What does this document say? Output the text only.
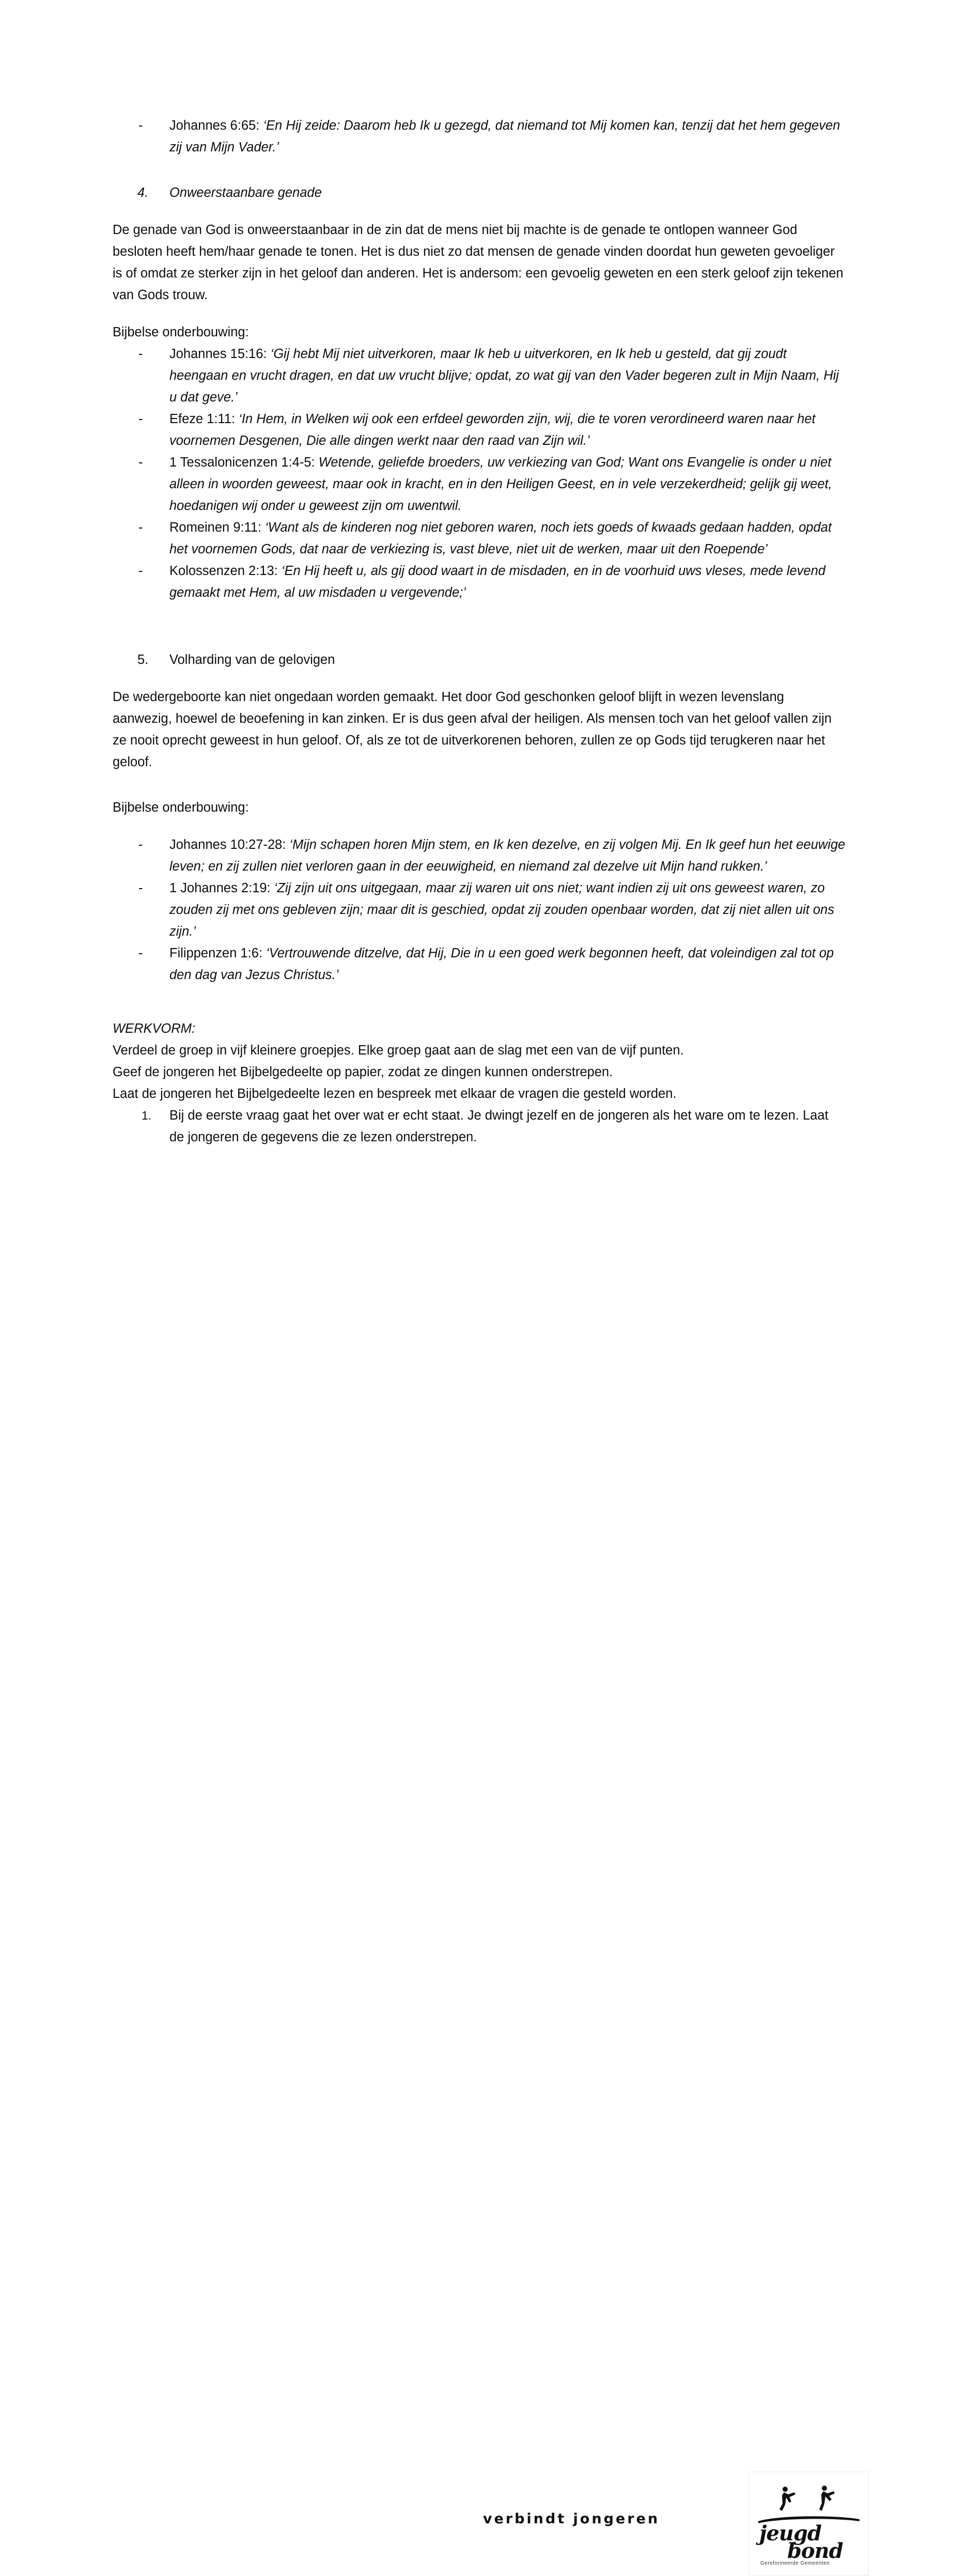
- Johannes 6:65: ‘En Hij zeide: Daarom heb Ik u gezegd, dat niemand tot Mij komen kan, tenzij dat het hem gegeven zij van Mijn Vader.’
4. Onweerstaanbare genade

De genade van God is onweerstaanbaar in de zin dat de mens niet bij machte is de genade te ontlopen wanneer God besloten heeft hem/haar genade te tonen. Het is dus niet zo dat mensen de genade vinden doordat hun geweten gevoeliger is of omdat ze sterker zijn in het geloof dan anderen. Het is andersom: een gevoelig geweten en een sterk geloof zijn tekenen van Gods trouw.

Bijbelse onderbouwing:

- Johannes 15:16: ‘Gij hebt Mij niet uitverkoren, maar Ik heb u uitverkoren, en Ik heb u gesteld, dat gij zoudt heengaan en vrucht dragen, en dat uw vrucht blijve; opdat, zo wat gij van den Vader begeren zult in Mijn Naam, Hij u dat geve.’
- Efeze 1:11: ‘In Hem, in Welken wij ook een erfdeel geworden zijn, wij, die te voren verordineerd waren naar het voornemen Desgenen, Die alle dingen werkt naar den raad van Zijn wil.’
- 1 Tessalonicenzen 1:4-5: Wetende, geliefde broeders, uw verkiezing van God; Want ons Evangelie is onder u niet alleen in woorden geweest, maar ook in kracht, en in den Heiligen Geest, en in vele verzekerdheid; gelijk gij weet, hoedanigen wij onder u geweest zijn om uwentwil.
- Romeinen 9:11: ‘Want als de kinderen nog niet geboren waren, noch iets goeds of kwaads gedaan hadden, opdat het voornemen Gods, dat naar de verkiezing is, vast bleve, niet uit de werken, maar uit den Roepende’
- Kolossenzen 2:13: ‘En Hij heeft u, als gij dood waart in de misdaden, en in de voorhuid uws vleses, mede levend gemaakt met Hem, al uw misdaden u vergevende;’
5. Volharding van de gelovigen

De wedergeboorte kan niet ongedaan worden gemaakt. Het door God geschonken geloof blijft in wezen levenslang aanwezig, hoewel de beoefening in kan zinken. Er is dus geen afval der heiligen. Als mensen toch van het geloof vallen zijn ze nooit oprecht geweest in hun geloof. Of, als ze tot de uitverkorenen behoren, zullen ze op Gods tijd terugkeren naar het geloof.

Bijbelse onderbouwing:

- Johannes 10:27-28: ‘Mijn schapen horen Mijn stem, en Ik ken dezelve, en zij volgen Mij. En Ik geef hun het eeuwige leven; en zij zullen niet verloren gaan in der eeuwigheid, en niemand zal dezelve uit Mijn hand rukken.’
- 1 Johannes 2:19: ‘Zij zijn uit ons uitgegaan, maar zij waren uit ons niet; want indien zij uit ons geweest waren, zo zouden zij met ons gebleven zijn; maar dit is geschied, opdat zij zouden openbaar worden, dat zij niet allen uit ons zijn.’
- Filippenzen 1:6: ‘Vertrouwende ditzelve, dat Hij, Die in u een goed werk begonnen heeft, dat voleindigen zal tot op den dag van Jezus Christus.’

WERKVORM:

Verdeel de groep in vijf kleinere groepjes. Elke groep gaat aan de slag met een van de vijf punten.

Geef de jongeren het Bijbelgedeelte op papier, zodat ze dingen kunnen onderstrepen.

Laat de jongeren het Bijbelgedeelte lezen en bespreek met elkaar de vragen die gesteld worden.

1. Bij de eerste vraag gaat het over wat er echt staat. Je dwingt jezelf en de jongeren als het ware om te lezen. Laat de jongeren de gegevens die ze lezen onderstrepen.
verbindt jongeren
jeugd
bond
Gereformeerde Gemeenten
